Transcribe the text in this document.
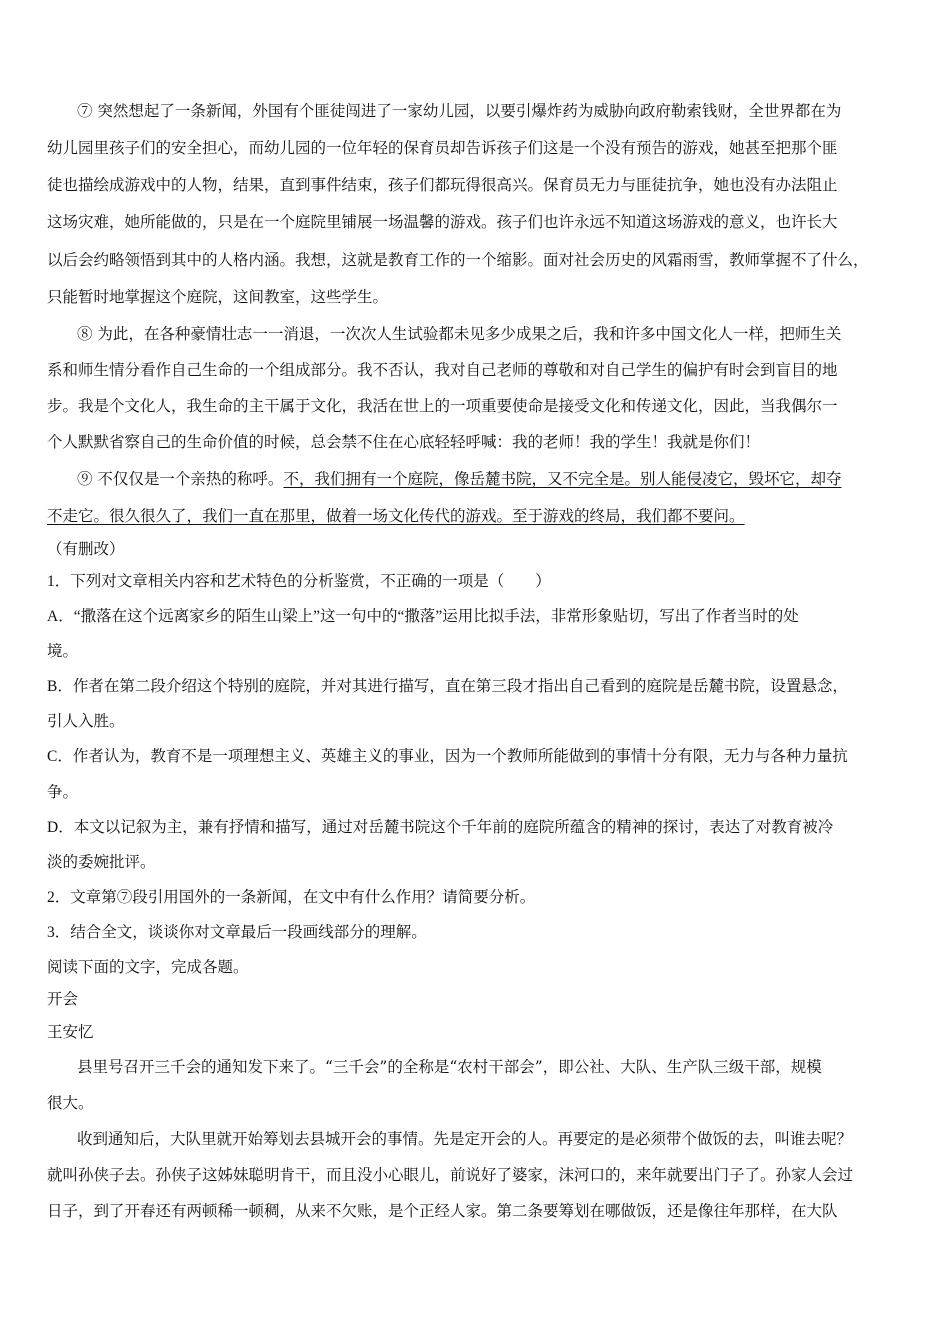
⑦ 突然想起了一条新闻，外国有个匪徒闯进了一家幼儿园，以要引爆炸药为威胁向政府勒索钱财，全世界都在为
幼儿园里孩子们的安全担心，而幼儿园的一位年轻的保育员却告诉孩子们这是一个没有预告的游戏，她甚至把那个匪
徒也描绘成游戏中的人物，结果，直到事件结束，孩子们都玩得很高兴。保育员无力与匪徒抗争，她也没有办法阻止
这场灾难，她所能做的，只是在一个庭院里铺展一场温馨的游戏。孩子们也许永远不知道这场游戏的意义，也许长大
以后会约略领悟到其中的人格内涵。我想，这就是教育工作的一个缩影。面对社会历史的风霜雨雪，教师掌握不了什么，
只能暂时地掌握这个庭院，这间教室，这些学生。
⑧ 为此，在各种豪情壮志一一消退，一次次人生试验都未见多少成果之后，我和许多中国文化人一样，把师生关
系和师生情分看作自己生命的一个组成部分。我不否认，我对自己老师的尊敬和对自己学生的偏护有时会到盲目的地
步。我是个文化人，我生命的主干属于文化，我活在世上的一项重要使命是接受文化和传递文化，因此，当我偶尔一
个人默默省察自己的生命价值的时候，总会禁不住在心底轻轻呼喊：我的老师！我的学生！我就是你们！
⑨ 不仅仅是一个亲热的称呼。不，我们拥有一个庭院，像岳麓书院，又不完全是。别人能侵凌它，毁坏它，却夺
不走它。很久很久了，我们一直在那里，做着一场文化传代的游戏。至于游戏的终局，我们都不要问。
（有删改）
1．下列对文章相关内容和艺术特色的分析鉴赏，不正确的一项是（　　）
A．“撒落在这个远离家乡的陌生山梁上”这一句中的“撒落”运用比拟手法，非常形象贴切，写出了作者当时的处
境。
B．作者在第二段介绍这个特别的庭院，并对其进行描写，直在第三段才指出自己看到的庭院是岳麓书院，设置悬念，
引人入胜。
C．作者认为，教育不是一项理想主义、英雄主义的事业，因为一个教师所能做到的事情十分有限，无力与各种力量抗
争。
D．本文以记叙为主，兼有抒情和描写，通过对岳麓书院这个千年前的庭院所蕴含的精神的探讨，表达了对教育被冷
淡的委婉批评。
2．文章第⑦段引用国外的一条新闻，在文中有什么作用？请简要分析。
3．结合全文，谈谈你对文章最后一段画线部分的理解。
阅读下面的文字，完成各题。
开会
王安忆
县里号召开三千会的通知发下来了。“三千会”的全称是“农村干部会”，即公社、大队、生产队三级干部，规模
很大。
收到通知后，大队里就开始筹划去县城开会的事情。先是定开会的人。再要定的是必须带个做饭的去，叫谁去呢？
就叫孙侠子去。孙侠子这姊妹聪明肯干，而且没小心眼儿，前说好了婆家，沫河口的，来年就要出门子了。孙家人会过
日子，到了开春还有两顿稀一顿稠，从来不欠账，是个正经人家。第二条要筹划在哪做饭，还是像往年那样，在大队
